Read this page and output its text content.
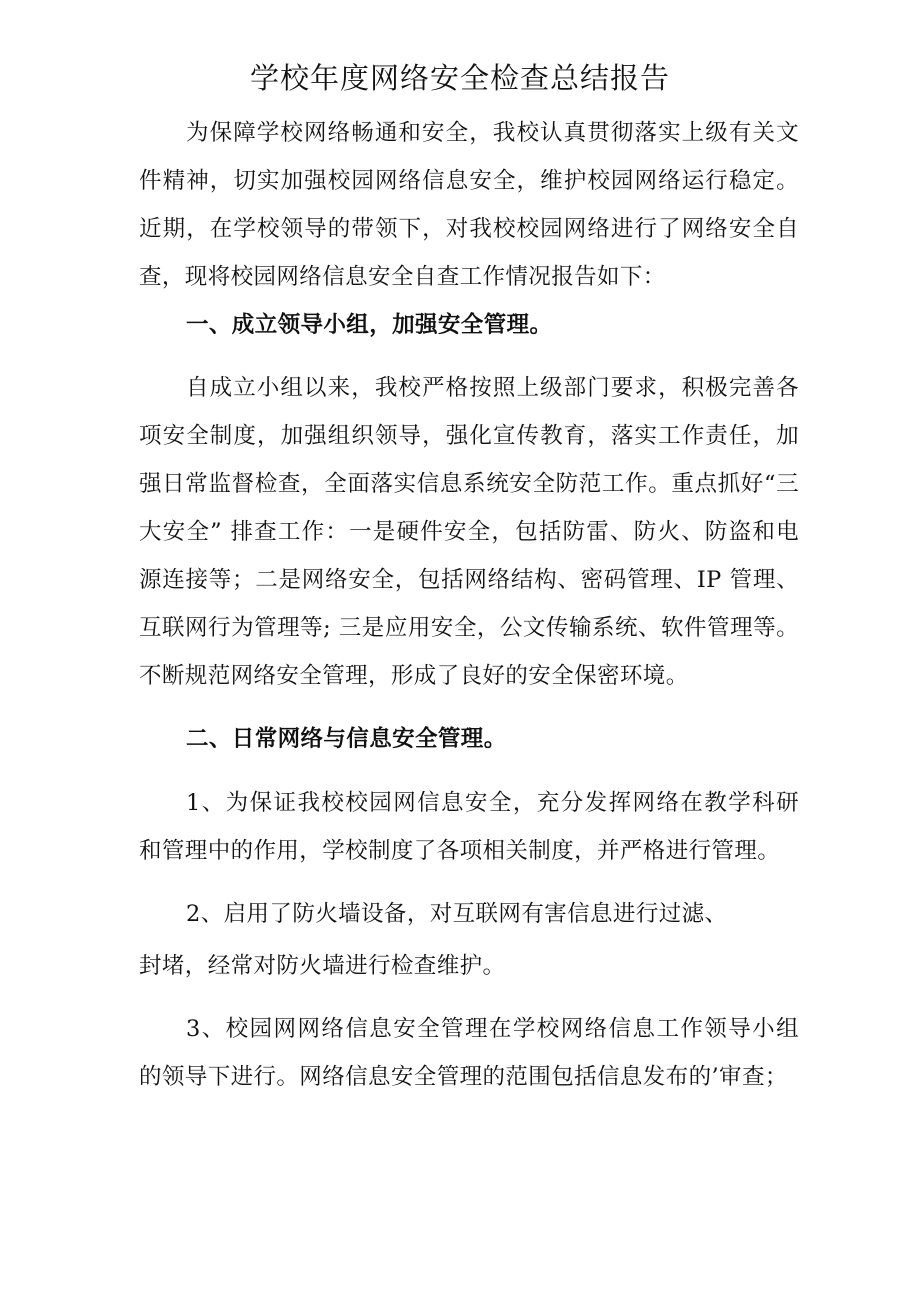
学校年度网络安全检查总结报告

为保障学校网络畅通和安全，我校认真贯彻落实上级有关文

件精神，切实加强校园网络信息安全，维护校园网络运行稳定。

近期，在学校领导的带领下，对我校校园网络进行了网络安全自

查，现将校园网络信息安全自查工作情况报告如下：

一、成立领导小组，加强安全管理。

自成立小组以来，我校严格按照上级部门要求，积极完善各

项安全制度，加强组织领导，强化宣传教育，落实工作责任，加

强日常监督检查，全面落实信息系统安全防范工作。重点抓好“三

大安全” 排查工作：一是硬件安全，包括防雷、防火、防盗和电

源连接等；二是网络安全，包括网络结构、密码管理、IP 管理、

互联网行为管理等; 三是应用安全，公文传输系统、软件管理等。

不断规范网络安全管理，形成了良好的安全保密环境。

二、日常网络与信息安全管理。

1、为保证我校校园网信息安全，充分发挥网络在教学科研

和管理中的作用，学校制度了各项相关制度，并严格进行管理。

2、启用了防火墙设备，对互联网有害信息进行过滤、

封堵，经常对防火墙进行检查维护。

3、校园网网络信息安全管理在学校网络信息工作领导小组

的领导下进行。网络信息安全管理的范围包括信息发布的’审查；
